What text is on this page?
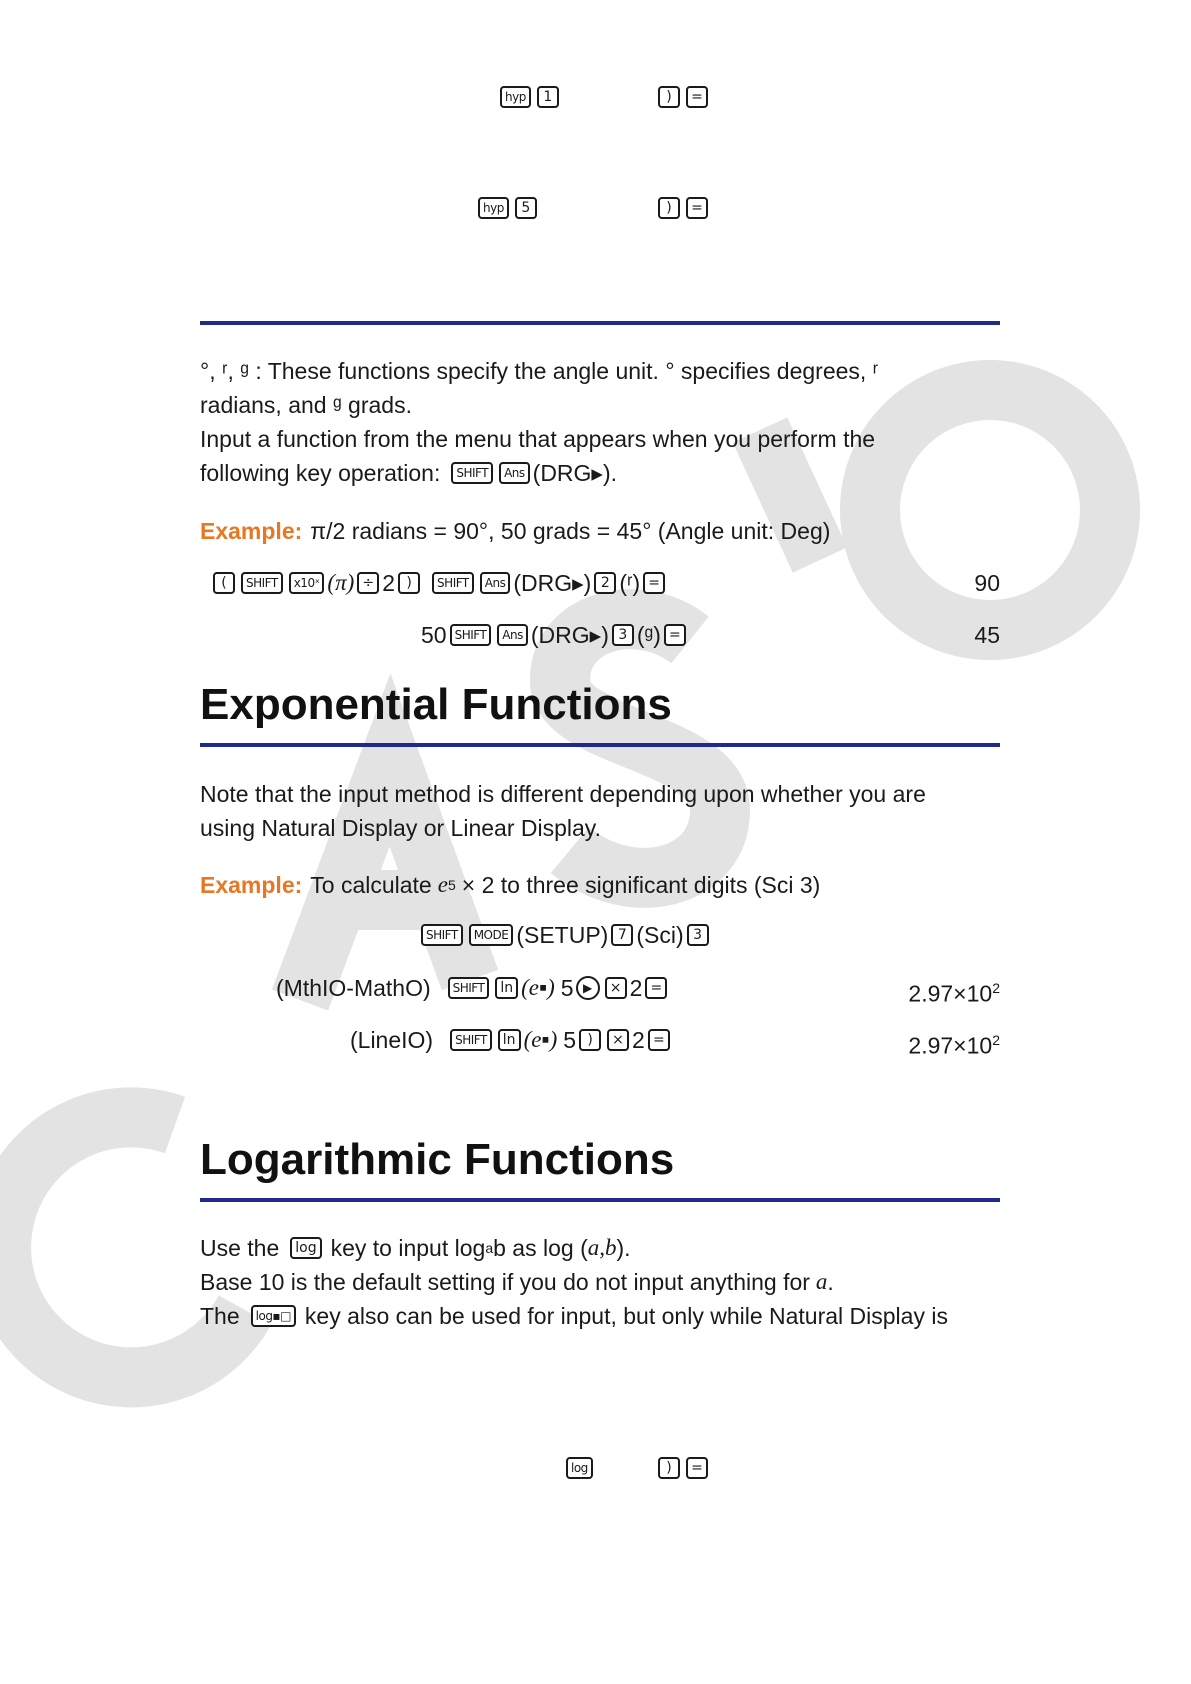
hyp	1	)	=
hyp	5	)	=
°, ʳ, ᵍ : These functions specify the angle unit. ° specifies degrees, ʳ
radians, and ᵍ grads.
Input a function from the menu that appears when you perform the
following key operation:	SHIFT	Ans (DRG▸).
Example: π/2 radians = 90°, 50 grads = 45° (Angle unit: Deg)
(	SHIFT	x10ˣ (π) ÷ 2 )	SHIFT	Ans (DRG▸) 2 (ʳ) =	90
50 SHIFT	Ans (DRG▸) 3 (ᵍ) =	45
Exponential Functions
Note that the input method is different depending upon whether you are
using Natural Display or Linear Display.
Example: To calculate e 5 × 2 to three significant digits (Sci 3)
SHIFT	MODE (SETUP) 7 (Sci) 3
(MthIO-MathO)	SHIFT	ln (e▪) 5 ▶	× 2 =	$2.97\times 10^2$
(LineIO)	SHIFT	ln (e▪) 5 )	× 2 =	$2.97\times 10^2$
Logarithmic Functions
Use the	log key to input log a b as log ( a,b ).
Base 10 is the default setting if you do not input anything for a .
The	log▪□ key also can be used for input, but only while Natural Display is
log	)	=
